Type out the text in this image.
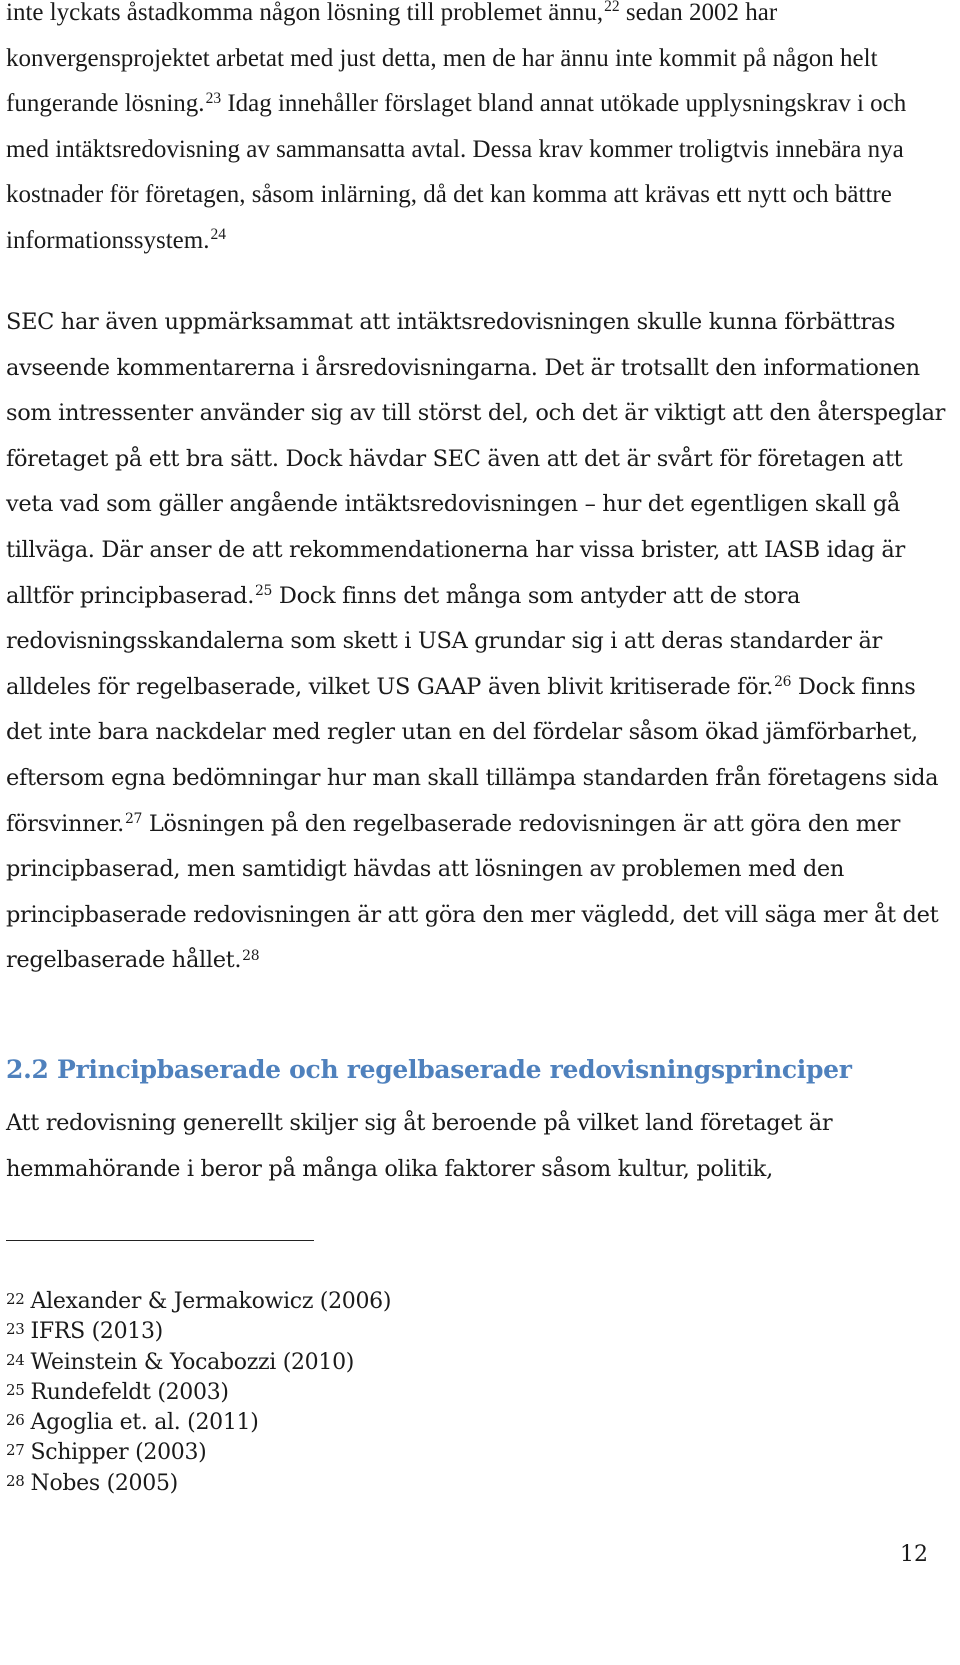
inte lyckats åstadkomma någon lösning till problemet ännu,$^{22}$ sedan 2002 har konvergensprojektet arbetat med just detta, men de har ännu inte kommit på någon helt fungerande lösning.$^{23}$ Idag innehåller förslaget bland annat utökade upplysningskrav i och med intäktsredovisning av sammansatta avtal. Dessa krav kommer troligtvis innebära nya kostnader för företagen, såsom inlärning, då det kan komma att krävas ett nytt och bättre informationssystem.$^{24}$

SEC har även uppmärksammat att intäktsredovisningen skulle kunna förbättras avseende kommentarerna i årsredovisningarna. Det är trotsallt den informationen som intressenter använder sig av till störst del, och det är viktigt att den återspeglar företaget på ett bra sätt. Dock hävdar SEC även att det är svårt för företagen att veta vad som gäller angående intäktsredovisningen – hur det egentligen skall gå tillväga. Där anser de att rekommendationerna har vissa brister, att IASB idag är alltför principbaserad.$^{25}$ Dock finns det många som antyder att de stora redovisningsskandalerna som skett i USA grundar sig i att deras standarder är alldeles för regelbaserade, vilket US GAAP även blivit kritiserade för.$^{26}$ Dock finns det inte bara nackdelar med regler utan en del fördelar såsom ökad jämförbarhet, eftersom egna bedömningar hur man skall tillämpa standarden från företagens sida försvinner.$^{27}$ Lösningen på den regelbaserade redovisningen är att göra den mer principbaserad, men samtidigt hävdas att lösningen av problemen med den principbaserade redovisningen är att göra den mer vägledd, det vill säga mer åt det regelbaserade hållet.$^{28}$

2.2 Principbaserade och regelbaserade redovisningsprinciper

Att redovisning generellt skiljer sig åt beroende på vilket land företaget är hemmahörande i beror på många olika faktorer såsom kultur, politik,

22 Alexander & Jermakowicz (2006)
23 IFRS (2013)
24 Weinstein & Yocabozzi (2010)
25 Rundefeldt (2003)
26 Agoglia et. al. (2011)
27 Schipper (2003)
28 Nobes (2005)
12
